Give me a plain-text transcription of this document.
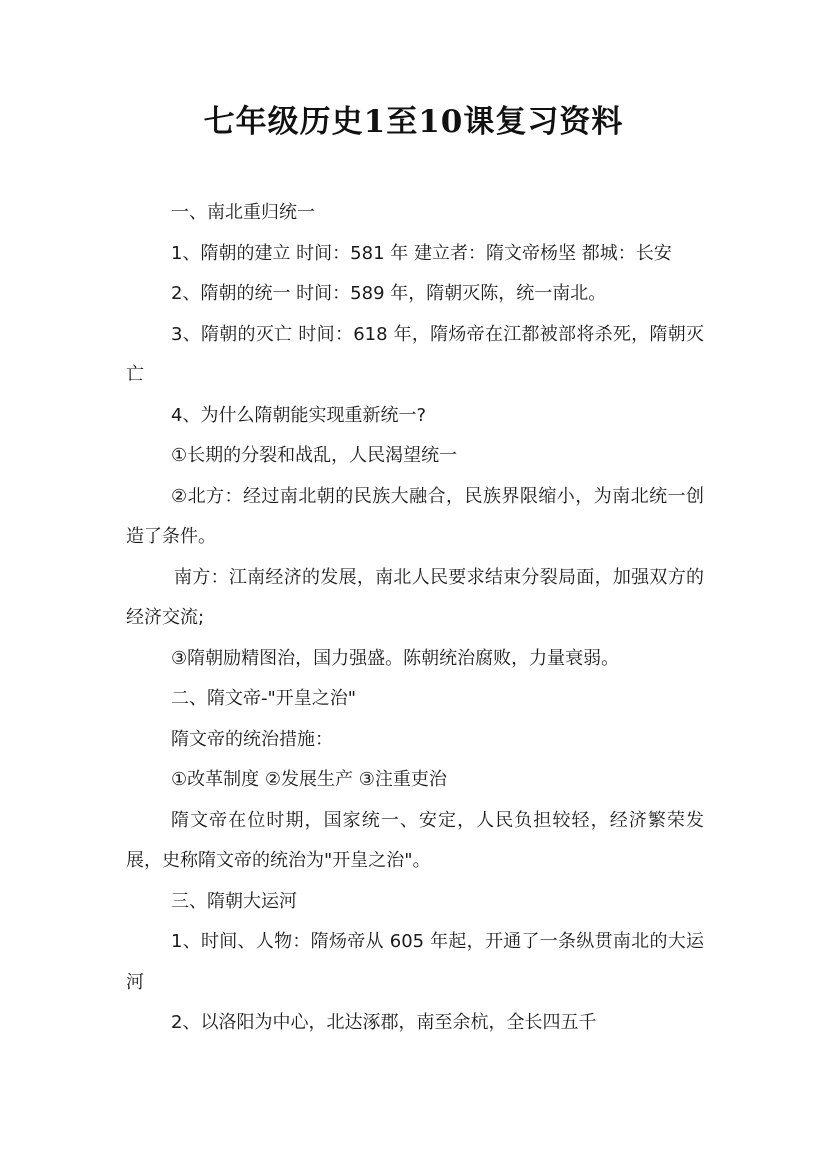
七年级历史1至10课复习资料

一、南北重归统一

1、隋朝的建立 时间：581 年 建立者：隋文帝杨坚 都城：长安

2、隋朝的统一 时间：589 年，隋朝灭陈，统一南北。

3、隋朝的灭亡 时间：618 年，隋炀帝在江都被部将杀死，隋朝灭亡

4、为什么隋朝能实现重新统一?

①长期的分裂和战乱，人民渴望统一

②北方：经过南北朝的民族大融合，民族界限缩小，为南北统一创造了条件。

南方：江南经济的发展，南北人民要求结束分裂局面，加强双方的经济交流;

③隋朝励精图治，国力强盛。陈朝统治腐败，力量衰弱。

二、隋文帝-"开皇之治"

隋文帝的统治措施：

①改革制度 ②发展生产 ③注重吏治

隋文帝在位时期，国家统一、安定，人民负担较轻，经济繁荣发展，史称隋文帝的统治为"开皇之治"。

三、隋朝大运河

1、时间、人物：隋炀帝从 605 年起，开通了一条纵贯南北的大运河

2、以洛阳为中心，北达涿郡，南至余杭，全长四五千
